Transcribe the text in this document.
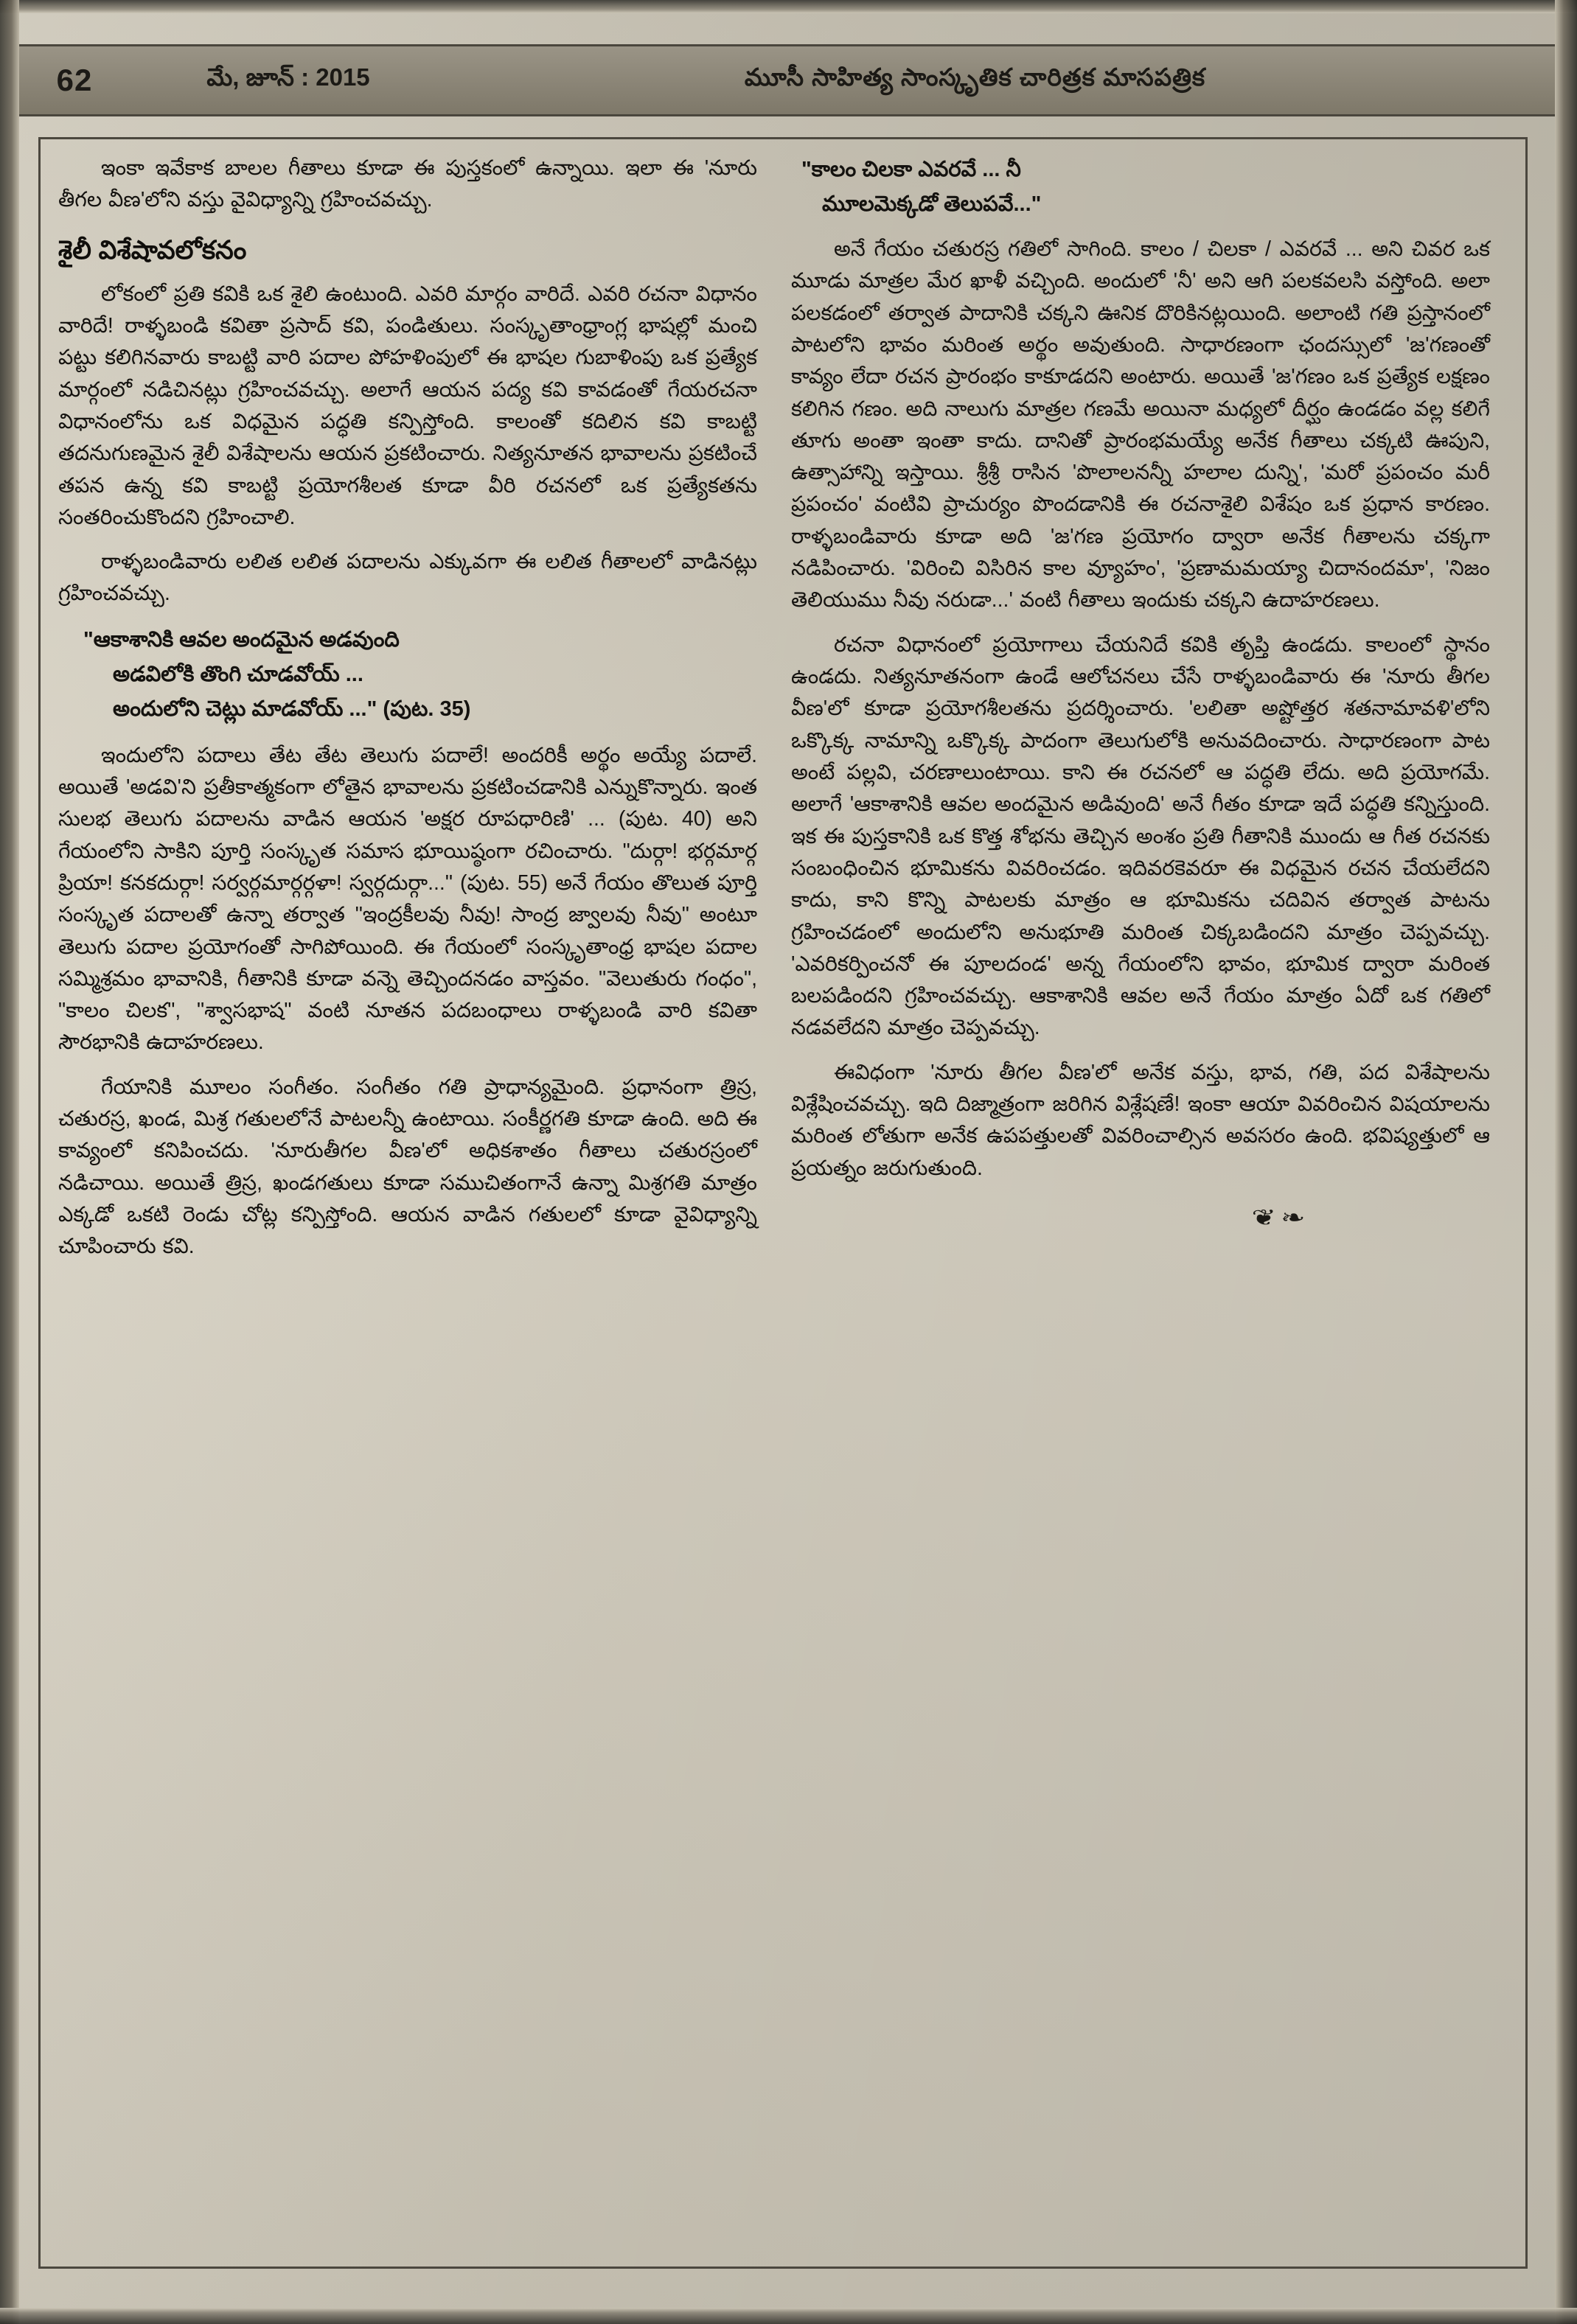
62	మే, జూన్ : 2015	మూసీ సాహిత్య సాంస్కృతిక చారిత్రక మాసపత్రిక

ఇంకా ఇవేకాక బాలల గీతాలు కూడా ఈ పుస్తకంలో ఉన్నాయి. ఇలా ఈ 'నూరు తీగల వీణ'లోని వస్తు వైవిధ్యాన్ని గ్రహించవచ్చు.

శైలీ విశేషావలోకనం

లోకంలో ప్రతి కవికి ఒక శైలి ఉంటుంది. ఎవరి మార్గం వారిదే. ఎవరి రచనా విధానం వారిదే! రాళ్ళబండి కవితా ప్రసాద్ కవి, పండితులు. సంస్కృతాంధ్రాంగ్ల భాషల్లో మంచి పట్టు కలిగినవారు కాబట్టి వారి పదాల పోహళింపులో ఈ భాషల గుబాళింపు ఒక ప్రత్యేక మార్గంలో నడిచినట్లు గ్రహించవచ్చు. అలాగే ఆయన పద్య కవి కావడంతో గేయరచనా విధానంలోను ఒక విధమైన పద్ధతి కన్పిస్తోంది. కాలంతో కదిలిన కవి కాబట్టి తదనుగుణమైన శైలీ విశేషాలను ఆయన ప్రకటించారు. నిత్యనూతన భావాలను ప్రకటించే తపన ఉన్న కవి కాబట్టి ప్రయోగశీలత కూడా వీరి రచనలో ఒక ప్రత్యేకతను సంతరించుకొందని గ్రహించాలి.

రాళ్ళబండివారు లలిత లలిత పదాలను ఎక్కువగా ఈ లలిత గీతాలలో వాడినట్లు గ్రహించవచ్చు.

"ఆకాశానికి ఆవల అందమైన అడవుంది
అడవిలోకి తొంగి చూడవోయ్ ...
అందులోని చెట్లు మాడవోయ్ ..." (పుట. 35)

ఇందులోని పదాలు తేట తేట తెలుగు పదాలే! అందరికీ అర్థం అయ్యే పదాలే. అయితే 'అడవి'ని ప్రతీకాత్మకంగా లోతైన భావాలను ప్రకటించడానికి ఎన్నుకొన్నారు. ఇంత సులభ తెలుగు పదాలను వాడిన ఆయన 'అక్షర రూపధారిణి' ... (పుట. 40) అని గేయంలోని సాకిని పూర్తి సంస్కృత సమాస భూయిష్ఠంగా రచించారు. "దుర్గా! భర్గమార్గ ప్రియా! కనకదుర్గా! సర్వర్గమార్గర్గళా! స్వర్గదుర్గా..." (పుట. 55) అనే గేయం తొలుత పూర్తి సంస్కృత పదాలతో ఉన్నా తర్వాత "ఇంద్రకీలవు నీవు! సాంద్ర జ్వాలవు నీవు" అంటూ తెలుగు పదాల ప్రయోగంతో సాగిపోయింది. ఈ గేయంలో సంస్కృతాంధ్ర భాషల పదాల సమ్మిశ్రమం భావానికి, గీతానికి కూడా వన్నె తెచ్చిందనడం వాస్తవం. "వెలుతురు గంధం", "కాలం చిలక", "శ్వాసభాష" వంటి నూతన పదబంధాలు రాళ్ళబండి వారి కవితా సౌరభానికి ఉదాహరణలు.

గేయానికి మూలం సంగీతం. సంగీతం గతి ప్రాధాన్యమైంది. ప్రధానంగా త్రిస్ర, చతురస్ర, ఖండ, మిశ్ర గతులలోనే పాటలన్నీ ఉంటాయి. సంకీర్ణగతి కూడా ఉంది. అది ఈ కావ్యంలో కనిపించదు. 'నూరుతీగల వీణ'లో అధికశాతం గీతాలు చతురస్రంలో నడిచాయి. అయితే త్రిస్ర, ఖండగతులు కూడా సముచితంగానే ఉన్నా మిశ్రగతి మాత్రం ఎక్కడో ఒకటి రెండు చోట్ల కన్పిస్తోంది. ఆయన వాడిన గతులలో కూడా వైవిధ్యాన్ని చూపించారు కవి.

"కాలం చిలకా ఎవరవే ... నీ
మూలమెక్కడో తెలుపవే..."

అనే గేయం చతురస్ర గతిలో సాగింది. కాలం / చిలకా / ఎవరవే ... అని చివర ఒక మూడు మాత్రల మేర ఖాళీ వచ్చింది. అందులో 'నీ' అని ఆగి పలకవలసి వస్తోంది. అలా పలకడంలో తర్వాత పాదానికి చక్కని ఊనిక దొరికినట్లయింది. అలాంటి గతి ప్రస్తానంలో పాటలోని భావం మరింత అర్థం అవుతుంది. సాధారణంగా ఛందస్సులో 'జ'గణంతో కావ్యం లేదా రచన ప్రారంభం కాకూడదని అంటారు. అయితే 'జ'గణం ఒక ప్రత్యేక లక్షణం కలిగిన గణం. అది నాలుగు మాత్రల గణమే అయినా మధ్యలో దీర్ఘం ఉండడం వల్ల కలిగే తూగు అంతా ఇంతా కాదు. దానితో ప్రారంభమయ్యే అనేక గీతాలు చక్కటి ఊపుని, ఉత్సాహాన్ని ఇస్తాయి. శ్రీశ్రీ రాసిన 'పొలాలనన్నీ హలాల దున్ని', 'మరో ప్రపంచం మరీ ప్రపంచం' వంటివి ప్రాచుర్యం పొందడానికి ఈ రచనాశైలి విశేషం ఒక ప్రధాన కారణం. రాళ్ళబండివారు కూడా అది 'జ'గణ ప్రయోగం ద్వారా అనేక గీతాలను చక్కగా నడిపించారు. 'విరించి విసిరిన కాల వ్యూహం', 'ప్రణామమయ్యా చిదానందమా', 'నిజం తెలియుము నీవు నరుడా...' వంటి గీతాలు ఇందుకు చక్కని ఉదాహరణలు.

రచనా విధానంలో ప్రయోగాలు చేయనిదే కవికి తృప్తి ఉండదు. కాలంలో స్థానం ఉండదు. నిత్యనూతనంగా ఉండే ఆలోచనలు చేసే రాళ్ళబండివారు ఈ 'నూరు తీగల వీణ'లో కూడా ప్రయోగశీలతను ప్రదర్శించారు. 'లలితా అష్టోత్తర శతనామావళి'లోని ఒక్కొక్క నామాన్ని ఒక్కొక్క పాదంగా తెలుగులోకి అనువదించారు. సాధారణంగా పాట అంటే పల్లవి, చరణాలుంటాయి. కాని ఈ రచనలో ఆ పద్ధతి లేదు. అది ప్రయోగమే. అలాగే 'ఆకాశానికి ఆవల అందమైన అడివుంది' అనే గీతం కూడా ఇదే పద్ధతి కన్నిస్తుంది. ఇక ఈ పుస్తకానికి ఒక కొత్త శోభను తెచ్చిన అంశం ప్రతి గీతానికి ముందు ఆ గీత రచనకు సంబంధించిన భూమికను వివరించడం. ఇదివరకెవరూ ఈ విధమైన రచన చేయలేదని కాదు, కాని కొన్ని పాటలకు మాత్రం ఆ భూమికను చదివిన తర్వాత పాటను గ్రహించడంలో అందులోని అనుభూతి మరింత చిక్కబడిందని మాత్రం చెప్పవచ్చు. 'ఎవరికర్పించనో ఈ పూలదండ' అన్న గేయంలోని భావం, భూమిక ద్వారా మరింత బలపడిందని గ్రహించవచ్చు. ఆకాశానికి ఆవల అనే గేయం మాత్రం ఏదో ఒక గతిలో నడవలేదని మాత్రం చెప్పవచ్చు.

ఈవిధంగా 'నూరు తీగల వీణ'లో అనేక వస్తు, భావ, గతి, పద విశేషాలను విశ్లేషించవచ్చు. ఇది దిజ్మాత్రంగా జరిగిన విశ్లేషణే! ఇంకా ఆయా వివరించిన విషయాలను మరింత లోతుగా అనేక ఉపపత్తులతో వివరించాల్సిన అవసరం ఉంది. భవిష్యత్తులో ఆ ప్రయత్నం జరుగుతుంది.

❦❧
